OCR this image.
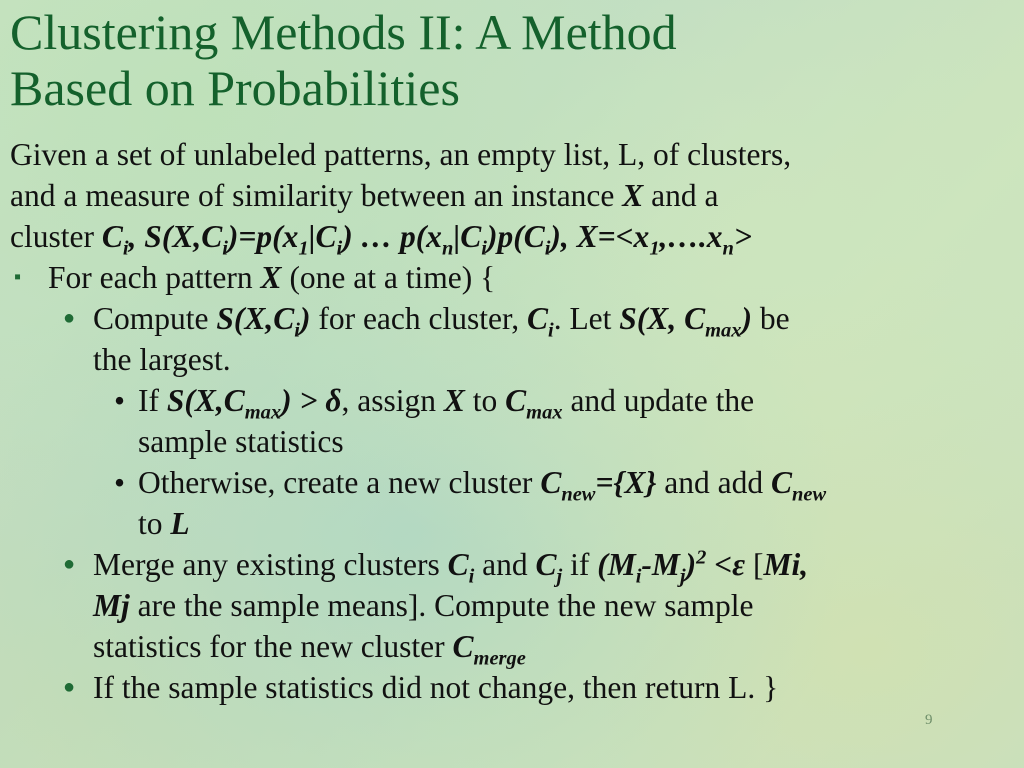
Clustering Methods II: A Method
Based on Probabilities
Given a set of unlabeled patterns, an empty list, L, of clusters,
and a measure of similarity between an instance X and a
cluster $C_i$, $S(X,C_i)=p(x_1|C_i)$ … $p(x_n|C_i)p(C_i)$, $X=<x_1,\dots.x_n>$
▪ For each pattern X (one at a time) {
● Compute $S(X,C_i)$ for each cluster, $C_i$. Let S(X, $C_{max}$) be
the largest.
• If $S(X,C_{max}) > \delta$, assign X to $C_{max}$ and update the
sample statistics
• Otherwise, create a new cluster $C_{new}=\{X\}$ and add $C_{new}$
to L
● Merge any existing clusters $C_i$ and $C_j$ if $(M_i-M_j)^2 <\varepsilon$ [Mi,
Mj are the sample means]. Compute the new sample
statistics for the new cluster $C_{merge}$
● If the sample statistics did not change, then return L. }
9
